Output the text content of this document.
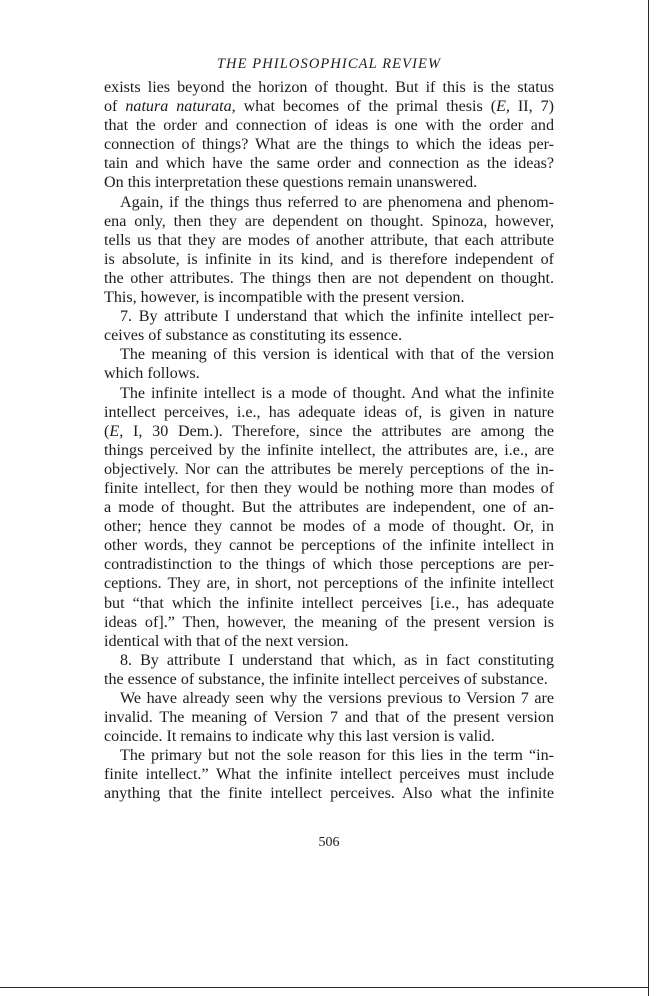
THE PHILOSOPHICAL REVIEW
exists lies beyond the horizon of thought. But if this is the status
of natura naturata, what becomes of the primal thesis (E, II, 7)
that the order and connection of ideas is one with the order and
connection of things? What are the things to which the ideas per-
tain and which have the same order and connection as the ideas?
On this interpretation these questions remain unanswered.
Again, if the things thus referred to are phenomena and phenom-
ena only, then they are dependent on thought. Spinoza, however,
tells us that they are modes of another attribute, that each attribute
is absolute, is infinite in its kind, and is therefore independent of
the other attributes. The things then are not dependent on thought.
This, however, is incompatible with the present version.
7. By attribute I understand that which the infinite intellect per-
ceives of substance as constituting its essence.
The meaning of this version is identical with that of the version
which follows.
The infinite intellect is a mode of thought. And what the infinite
intellect perceives, i.e., has adequate ideas of, is given in nature
(E, I, 30 Dem.). Therefore, since the attributes are among the
things perceived by the infinite intellect, the attributes are, i.e., are
objectively. Nor can the attributes be merely perceptions of the in-
finite intellect, for then they would be nothing more than modes of
a mode of thought. But the attributes are independent, one of an-
other; hence they cannot be modes of a mode of thought. Or, in
other words, they cannot be perceptions of the infinite intellect in
contradistinction to the things of which those perceptions are per-
ceptions. They are, in short, not perceptions of the infinite intellect
but “that which the infinite intellect perceives [i.e., has adequate
ideas of].” Then, however, the meaning of the present version is
identical with that of the next version.
8. By attribute I understand that which, as in fact constituting
the essence of substance, the infinite intellect perceives of substance.
We have already seen why the versions previous to Version 7 are
invalid. The meaning of Version 7 and that of the present version
coincide. It remains to indicate why this last version is valid.
The primary but not the sole reason for this lies in the term “in-
finite intellect.” What the infinite intellect perceives must include
anything that the finite intellect perceives. Also what the infinite
506
